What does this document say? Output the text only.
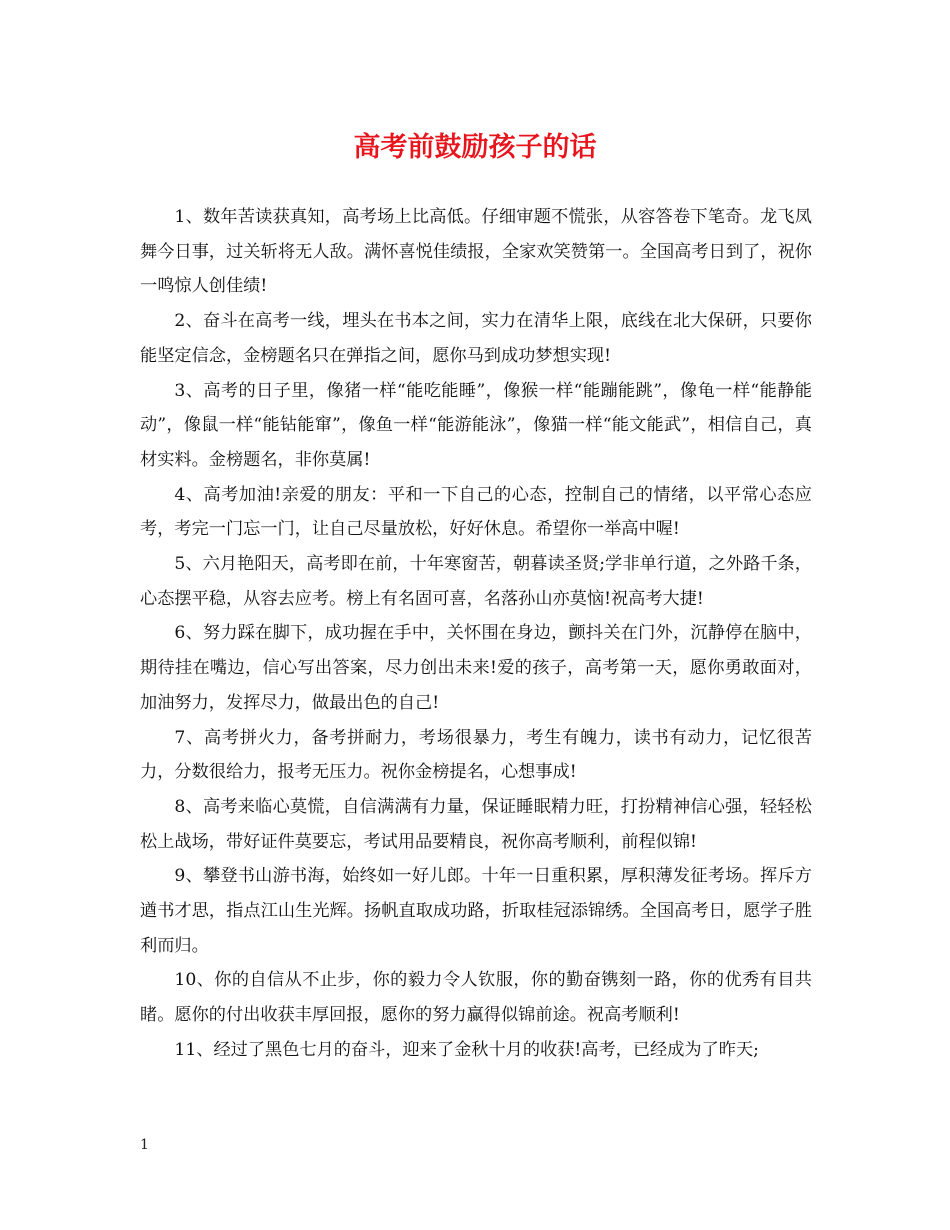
高考前鼓励孩子的话

1、数年苦读获真知，高考场上比高低。仔细审题不慌张，从容答卷下笔奇。龙飞凤舞今日事，过关斩将无人敌。满怀喜悦佳绩报，全家欢笑赞第一。全国高考日到了，祝你一鸣惊人创佳绩!

2、奋斗在高考一线，埋头在书本之间，实力在清华上限，底线在北大保研，只要你能坚定信念，金榜题名只在弹指之间，愿你马到成功梦想实现!

3、高考的日子里，像猪一样“能吃能睡”，像猴一样“能蹦能跳”，像龟一样“能静能动”，像鼠一样“能钻能窜”，像鱼一样“能游能泳”，像猫一样“能文能武”，相信自己，真材实料。金榜题名，非你莫属!

4、高考加油!亲爱的朋友：平和一下自己的心态，控制自己的情绪，以平常心态应考，考完一门忘一门，让自己尽量放松，好好休息。希望你一举高中喔!

5、六月艳阳天，高考即在前，十年寒窗苦，朝暮读圣贤;学非单行道，之外路千条，心态摆平稳，从容去应考。榜上有名固可喜，名落孙山亦莫恼!祝高考大捷!

6、努力踩在脚下，成功握在手中，关怀围在身边，颤抖关在门外，沉静停在脑中，期待挂在嘴边，信心写出答案，尽力创出未来!爱的孩子，高考第一天，愿你勇敢面对，加油努力，发挥尽力，做最出色的自己!

7、高考拼火力，备考拼耐力，考场很暴力，考生有魄力，读书有动力，记忆很苦力，分数很给力，报考无压力。祝你金榜提名，心想事成!

8、高考来临心莫慌，自信满满有力量，保证睡眠精力旺，打扮精神信心强，轻轻松松上战场，带好证件莫要忘，考试用品要精良，祝你高考顺利，前程似锦!

9、攀登书山游书海，始终如一好儿郎。十年一日重积累，厚积薄发征考场。挥斥方遒书才思，指点江山生光辉。扬帆直取成功路，折取桂冠添锦绣。全国高考日，愿学子胜利而归。

10、你的自信从不止步，你的毅力令人钦服，你的勤奋镌刻一路，你的优秀有目共睹。愿你的付出收获丰厚回报，愿你的努力赢得似锦前途。祝高考顺利!

11、经过了黑色七月的奋斗，迎来了金秋十月的收获!高考，已经成为了昨天;

1
